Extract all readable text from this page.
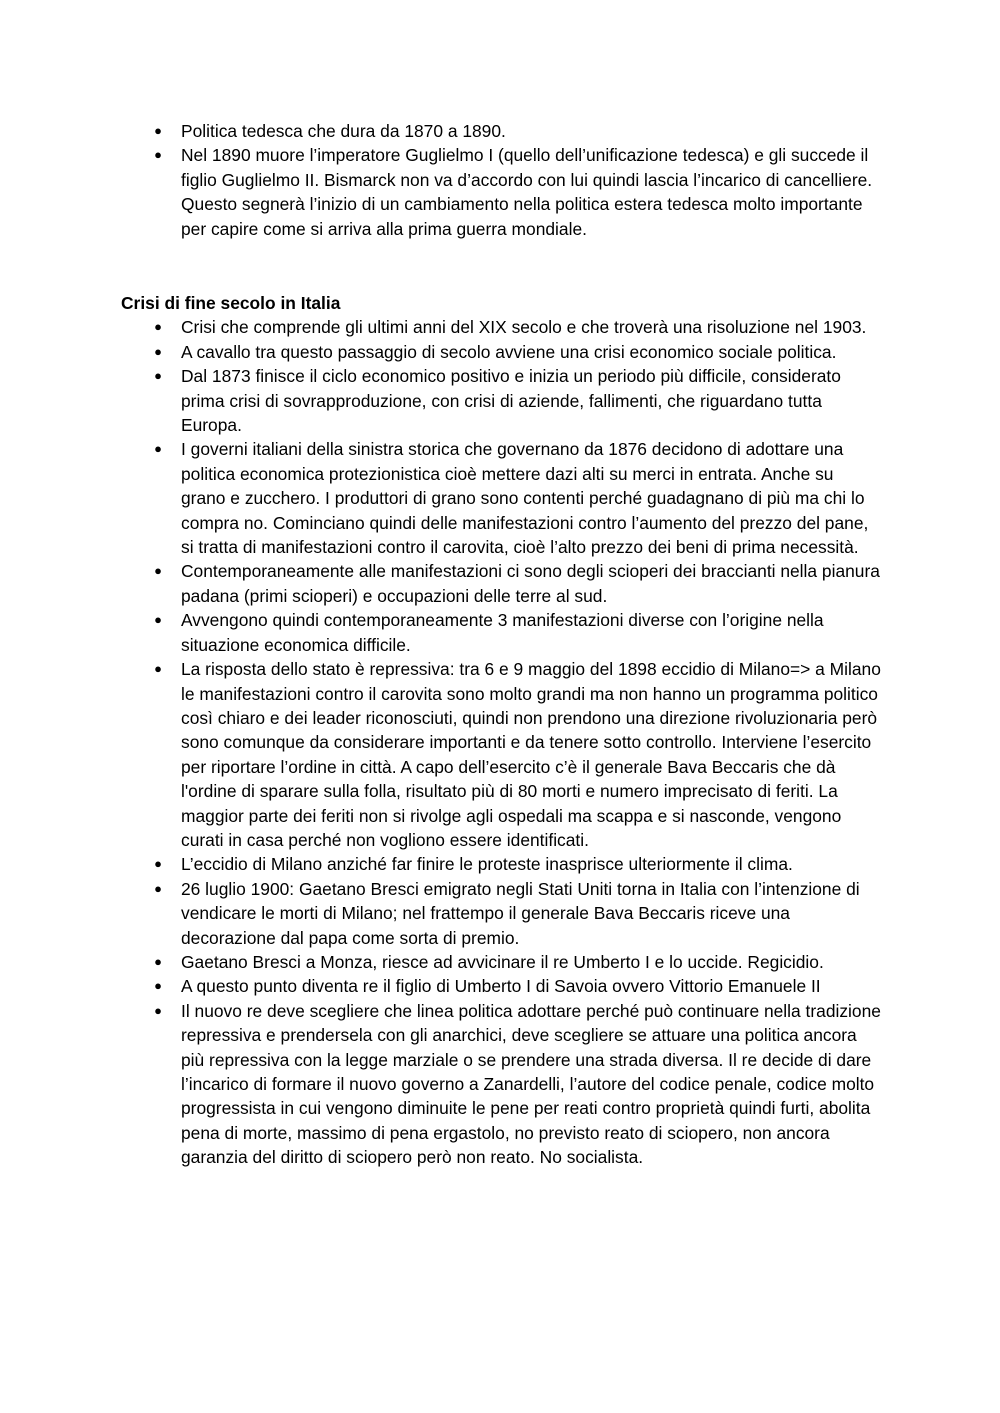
● Politica tedesca che dura da 1870 a 1890.
● Nel 1890 muore l’imperatore Guglielmo I (quello dell’unificazione tedesca) e gli succede il figlio Guglielmo II. Bismarck non va d’accordo con lui quindi lascia l’incarico di cancelliere. Questo segnerà l’inizio di un cambiamento nella politica estera tedesca molto importante per capire come si arriva alla prima guerra mondiale.
Crisi di fine secolo in Italia
● Crisi che comprende gli ultimi anni del XIX secolo e che troverà una risoluzione nel 1903.
● A cavallo tra questo passaggio di secolo avviene una crisi economico sociale politica.
● Dal 1873 finisce il ciclo economico positivo e inizia un periodo più difficile, considerato prima crisi di sovrapproduzione, con crisi di aziende, fallimenti, che riguardano tutta Europa.
● I governi italiani della sinistra storica che governano da 1876 decidono di adottare una politica economica protezionistica cioè mettere dazi alti su merci in entrata. Anche su grano e zucchero. I produttori di grano sono contenti perché guadagnano di più ma chi lo compra no. Cominciano quindi delle manifestazioni contro l’aumento del prezzo del pane, si tratta di manifestazioni contro il carovita, cioè l’alto prezzo dei beni di prima necessità.
● Contemporaneamente alle manifestazioni ci sono degli scioperi dei braccianti nella pianura padana (primi scioperi) e occupazioni delle terre al sud.
● Avvengono quindi contemporaneamente 3 manifestazioni diverse con l’origine nella situazione economica difficile.
● La risposta dello stato è repressiva: tra 6 e 9 maggio del 1898 eccidio di Milano=> a Milano le manifestazioni contro il carovita sono molto grandi ma non hanno un programma politico così chiaro e dei leader riconosciuti, quindi non prendono una direzione rivoluzionaria però sono comunque da considerare importanti e da tenere sotto controllo. Interviene l’esercito per riportare l’ordine in città. A capo dell’esercito c’è il generale Bava Beccaris che dà l'ordine di sparare sulla folla, risultato più di 80 morti e numero imprecisato di feriti. La maggior parte dei feriti non si rivolge agli ospedali ma scappa e si nasconde, vengono curati in casa perché non vogliono essere identificati.
● L’eccidio di Milano anziché far finire le proteste inasprisce ulteriormente il clima.
● 26 luglio 1900: Gaetano Bresci emigrato negli Stati Uniti torna in Italia con l’intenzione di vendicare le morti di Milano; nel frattempo il generale Bava Beccaris riceve una decorazione dal papa come sorta di premio.
● Gaetano Bresci a Monza, riesce ad avvicinare il re Umberto I e lo uccide. Regicidio.
● A questo punto diventa re il figlio di Umberto I di Savoia ovvero Vittorio Emanuele II
● Il nuovo re deve scegliere che linea politica adottare perché può continuare nella tradizione repressiva e prendersela con gli anarchici, deve scegliere se attuare una politica ancora più repressiva con la legge marziale o se prendere una strada diversa. Il re decide di dare l’incarico di formare il nuovo governo a Zanardelli, l’autore del codice penale, codice molto progressista in cui vengono diminuite le pene per reati contro proprietà quindi furti, abolita pena di morte, massimo di pena ergastolo, no previsto reato di sciopero, non ancora garanzia del diritto di sciopero però non reato. No socialista.
